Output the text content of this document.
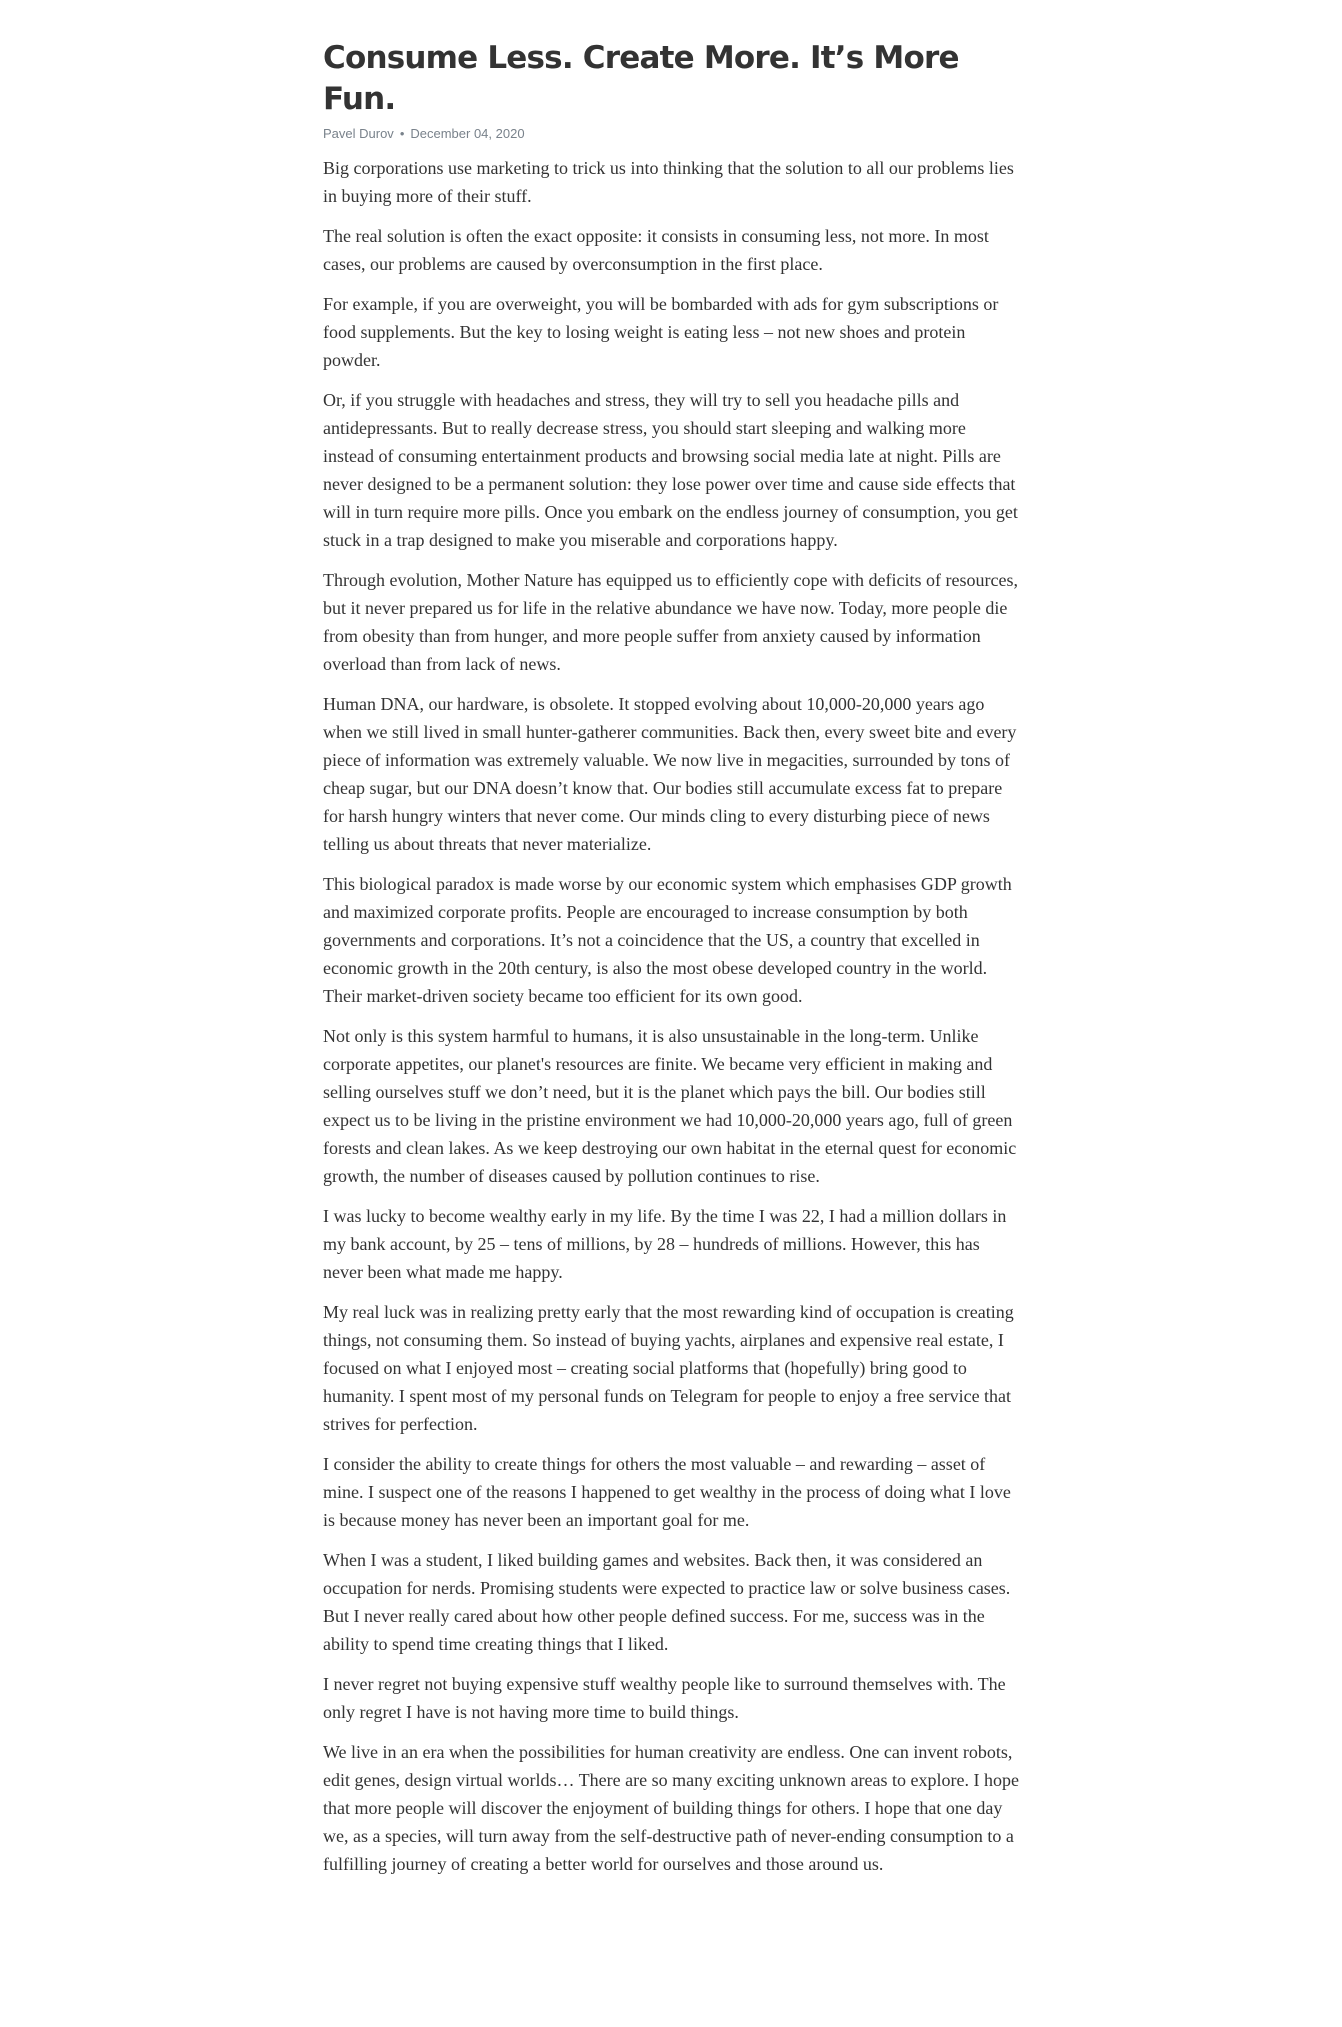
Consume Less. Create More. It’s More Fun.
Pavel Durov • December 04, 2020

Big corporations use marketing to trick us into thinking that the solution to all our problems lies in buying more of their stuff.

The real solution is often the exact opposite: it consists in consuming less, not more. In most cases, our problems are caused by overconsumption in the first place.

For example, if you are overweight, you will be bombarded with ads for gym subscriptions or food supplements. But the key to losing weight is eating less – not new shoes and protein powder.

Or, if you struggle with headaches and stress, they will try to sell you headache pills and antidepressants. But to really decrease stress, you should start sleeping and walking more instead of consuming entertainment products and browsing social media late at night. Pills are never designed to be a permanent solution: they lose power over time and cause side effects that will in turn require more pills. Once you embark on the endless journey of consumption, you get stuck in a trap designed to make you miserable and corporations happy.

Through evolution, Mother Nature has equipped us to efficiently cope with deficits of resources, but it never prepared us for life in the relative abundance we have now. Today, more people die from obesity than from hunger, and more people suffer from anxiety caused by information overload than from lack of news.

Human DNA, our hardware, is obsolete. It stopped evolving about 10,000-20,000 years ago when we still lived in small hunter-gatherer communities. Back then, every sweet bite and every piece of information was extremely valuable. We now live in megacities, surrounded by tons of cheap sugar, but our DNA doesn’t know that. Our bodies still accumulate excess fat to prepare for harsh hungry winters that never come. Our minds cling to every disturbing piece of news telling us about threats that never materialize.

This biological paradox is made worse by our economic system which emphasises GDP growth and maximized corporate profits. People are encouraged to increase consumption by both governments and corporations. It’s not a coincidence that the US, a country that excelled in economic growth in the 20th century, is also the most obese developed country in the world. Their market-driven society became too efficient for its own good.

Not only is this system harmful to humans, it is also unsustainable in the long-term. Unlike corporate appetites, our planet's resources are finite. We became very efficient in making and selling ourselves stuff we don’t need, but it is the planet which pays the bill. Our bodies still expect us to be living in the pristine environment we had 10,000-20,000 years ago, full of green forests and clean lakes. As we keep destroying our own habitat in the eternal quest for economic growth, the number of diseases caused by pollution continues to rise.

I was lucky to become wealthy early in my life. By the time I was 22, I had a million dollars in my bank account, by 25 – tens of millions, by 28 – hundreds of millions. However, this has never been what made me happy.

My real luck was in realizing pretty early that the most rewarding kind of occupation is creating things, not consuming them. So instead of buying yachts, airplanes and expensive real estate, I focused on what I enjoyed most – creating social platforms that (hopefully) bring good to humanity. I spent most of my personal funds on Telegram for people to enjoy a free service that strives for perfection.

I consider the ability to create things for others the most valuable – and rewarding – asset of mine. I suspect one of the reasons I happened to get wealthy in the process of doing what I love is because money has never been an important goal for me.

When I was a student, I liked building games and websites. Back then, it was considered an occupation for nerds. Promising students were expected to practice law or solve business cases. But I never really cared about how other people defined success. For me, success was in the ability to spend time creating things that I liked.

I never regret not buying expensive stuff wealthy people like to surround themselves with. The only regret I have is not having more time to build things.

We live in an era when the possibilities for human creativity are endless. One can invent robots, edit genes, design virtual worlds… There are so many exciting unknown areas to explore. I hope that more people will discover the enjoyment of building things for others. I hope that one day we, as a species, will turn away from the self-destructive path of never-ending consumption to a fulfilling journey of creating a better world for ourselves and those around us.
